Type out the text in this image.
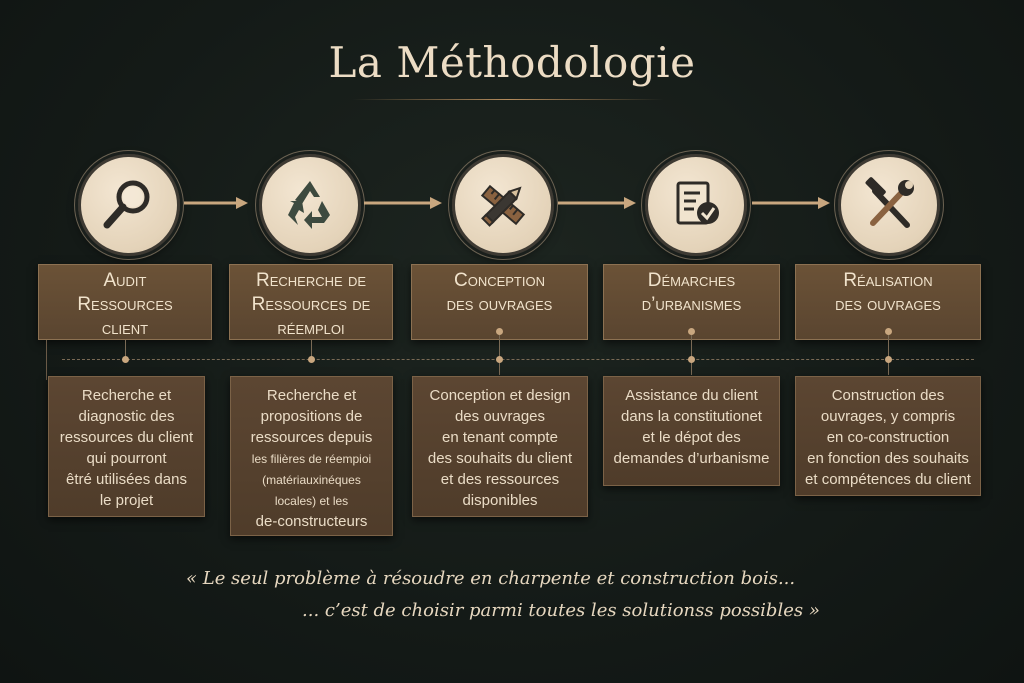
La Méthodologie
Audit
Ressources
client
Recherche de
Ressources de
réemploi
Conception
des ouvrages
Démarches
d’urbanismes
Réalisation
des ouvrages
Recherche et
diagnostic des
ressources du client
qui pourront
êtré utilisées dans
le projet
Recherche et
propositions de
ressources depuis
les filières de réempioi
(matériauxinéques
locales) et les
de-constructeurs
Conception et design
des ouvrages
en tenant compte
des souhaits du client
et des ressources
disponibles
Assistance du client
dans la constitutionet
et le dépot des
demandes d’urbanisme
Construction des
ouvrages, y compris
en co-construction
en fonction des souhaits
et compétences du client
« Le seul problème à résoudre en charpente et construction bois...
... c’est de choisir parmi toutes les solutionss possibles »
